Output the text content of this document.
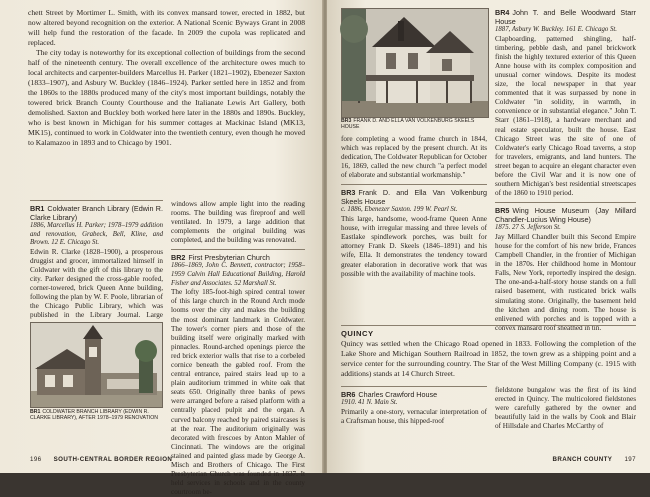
chett Street by Mortimer L. Smith, with its convex mansard tower, erected in 1882, but now altered beyond recognition on the exterior. A National Scenic Byways Grant in 2008 will help fund the restoration of the facade. In 2009 the cupola was replicated and replaced.

The city today is noteworthy for its exceptional collection of buildings from the second half of the nineteenth century. The overall excellence of the architecture owes much to local architects and carpenter-builders Marcellus H. Parker (1821–1902), Ebenezer Saxton (1833–1907), and Asbury W. Buckley (1846–1924). Parker settled here in 1852 and from the 1860s to the 1880s produced many of the city's most important buildings, notably the towered brick Branch County Courthouse and the Italianate Lewis Art Gallery, both demolished. Saxton and Buckley both worked here later in the 1880s and 1890s. Buckley, who is best known in Michigan for his summer cottages at Mackinac Island (MK13, MK15), continued to work in Coldwater into the twentieth century, even though he moved to Kalamazoo in 1893 and to Chicago by 1901.

BR1 Coldwater Branch Library (Edwin R. Clarke Library)

1886, Marcellus H. Parker; 1978–1979 addition and renovation, Grabeck, Bell, Kline, and Brown. 12 E. Chicago St.

Edwin R. Clarke (1828–1900), a prosperous druggist and grocer, immortalized himself in Coldwater with the gift of this library to the city. Parker designed the cross-gable roofed, corner-towered, brick Queen Anne building, following the plan by W. F. Poole, librarian of the Chicago Public Library, which was published in the Library Journal. Large

BR1 COLDWATER BRANCH LIBRARY (EDWIN R. CLARKE LIBRARY), AFTER 1978–1979 RENOVATION

windows allow ample light into the reading rooms. The building was fireproof and well ventilated. In 1979, a large addition that complements the original building was completed, and the building was renovated.

BR2 First Presbyterian Church

1866–1869, John C. Bennett, contractor; 1958–1959 Calvin Hall Educational Building, Harold Fisher and Associates. 52 Marshall St.

The lofty 185-foot-high spired central tower of this large church in the Round Arch mode looms over the city and makes the building the most dominant landmark in Coldwater. The tower's corner piers and those of the building itself were originally marked with pinnacles. Round-arched openings pierce the red brick exterior walls that rise to a corbeled cornice beneath the gabled roof. From the central entrance, paired stairs lead up to a plain auditorium trimmed in white oak that seats 650. Originally three banks of pews were arranged before a raised platform with a centrally placed pulpit and the organ. A curved balcony reached by paired staircases is at the rear. The auditorium originally was decorated with frescoes by Anton Mahler of Cincinnati. The windows are the original stained and painted glass made by George A. Misch and Brothers of Chicago. The First Presbyterian Church was founded in 1837. It held services in schools and in the county courtroom be-

196 SOUTH-CENTRAL BORDER REGION

BR3 FRANK D. AND ELLA VAN VOLKENBURG SKEELS HOUSE

fore completing a wood frame church in 1844, which was replaced by the present church. At its dedication, The Coldwater Republican for October 16, 1869, called the new church "a perfect model of elaborate and substantial workmanship."

BR3 Frank D. and Ella Van Volkenburg Skeels House

c. 1886, Ebenezer Saxton. 199 W. Pearl St.

This large, handsome, wood-frame Queen Anne house, with irregular massing and three levels of Eastlake spindlework porches, was built for attorney Frank D. Skeels (1846–1891) and his wife, Ella. It demonstrates the tendency toward greater elaboration in decorative work that was possible with the availability of machine tools.

BR4 John T. and Belle Woodward Starr House

1887, Asbury W. Buckley. 161 E. Chicago St.

Clapboarding, patterned shingling, half-timbering, pebble dash, and panel brickwork finish the highly textured exterior of this Queen Anne house with its complex composition and unusual corner windows. Despite its modest size, the local newspaper in that year commented that it was surpassed by none in Coldwater "in solidity, in warmth, in convenience or in substantial elegance." John T. Starr (1861–1918), a hardware merchant and real estate speculator, built the house. East Chicago Street was the site of one of Coldwater's early Chicago Road taverns, a stop for travelers, emigrants, and land hunters. The street began to acquire an elegant character even before the Civil War and it is now one of southern Michigan's best residential streetscapes of the 1860 to 1910 period.

BR5 Wing House Museum (Jay Millard Chandler-Lucius Wing House)

1875. 27 S. Jefferson St.

Jay Millard Chandler built this Second Empire house for the comfort of his new bride, Frances Campbell Chandler, in the frontier of Michigan in the 1870s. Her childhood home in Montour Falls, New York, reportedly inspired the design. The one-and-a-half-story house stands on a full raised basement, with rusticated brick walls simulating stone. Originally, the basement held the kitchen and dining room. The house is enlivened with porches and is topped with a convex mansard roof sheathed in tin.

QUINCY

Quincy was settled when the Chicago Road opened in 1833. Following the completion of the Lake Shore and Michigan Southern Railroad in 1852, the town grew as a shipping point and a service center for the surrounding country. The Star of the West Milling Company (c. 1915 with additions) stands at 14 Church Street.

BR6 Charles Crawford House

1910. 41 N. Main St.

Primarily a one-story, vernacular interpretation of a Craftsman house, this hipped-roof

fieldstone bungalow was the first of its kind erected in Quincy. The multicolored fieldstones were carefully gathered by the owner and beautifully laid in the walls by Cook and Blair of Hillsdale and Charles McCarthy of

BRANCH COUNTY 197
